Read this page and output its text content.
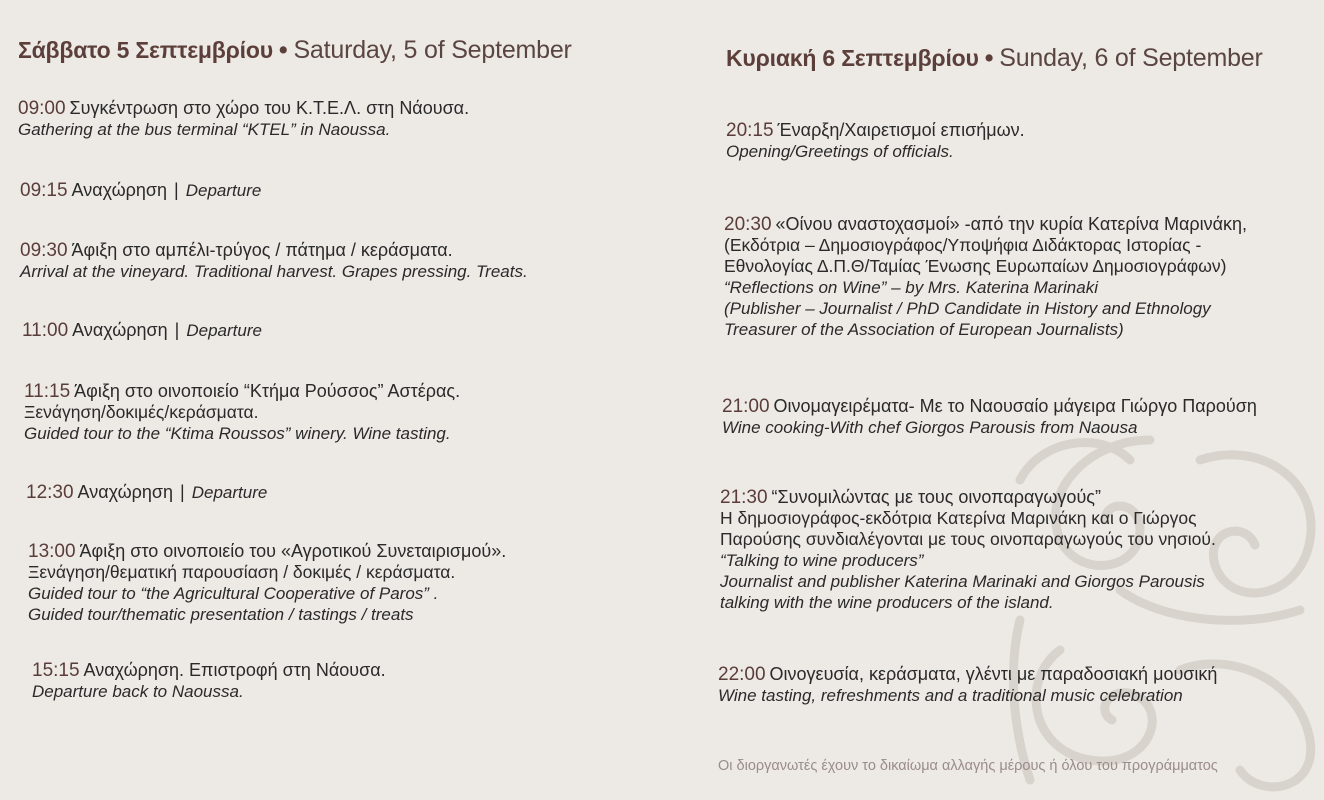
Σάββατο 5 Σεπτεμβρίου • Saturday, 5 of September
09:00 Συγκέντρωση στο χώρο του Κ.Τ.Ε.Λ. στη Νάουσα.
Gathering at the bus terminal “KTEL” in Naoussa.
09:15 Αναχώρηση | Departure
09:30 Άφιξη στο αμπέλι-τρύγος / πάτημα / κεράσματα.
Arrival at the vineyard. Traditional harvest. Grapes pressing. Treats.
11:00 Αναχώρηση | Departure
11:15 Άφιξη στο οινοποιείο “Κτήμα Ρούσσος” Αστέρας.
Ξενάγηση/δοκιμές/κεράσματα.
Guided tour to the “Ktima Roussos” winery. Wine tasting.
12:30 Αναχώρηση | Departure
13:00 Άφιξη στο οινοποιείο του «Αγροτικού Συνεταιρισμού».
Ξενάγηση/θεματική παρουσίαση / δοκιμές / κεράσματα.
Guided tour to “the Agricultural Cooperative of Paros” .
Guided tour/thematic presentation / tastings / treats
15:15 Αναχώρηση. Επιστροφή στη Νάουσα.
Departure back to Naoussa.
Κυριακή 6 Σεπτεμβρίου • Sunday, 6 of September
20:15 Έναρξη/Χαιρετισμοί επισήμων.
Opening/Greetings of officials.
20:30 «Οίνου αναστοχασμοί» -από την κυρία Κατερίνα Μαρινάκη,
(Εκδότρια – Δημοσιογράφος/Υποψήφια Διδάκτορας Ιστορίας -
Εθνολογίας Δ.Π.Θ/Ταμίας Ένωσης Ευρωπαίων Δημοσιογράφων)
“Reflections on Wine” – by Mrs. Katerina Marinaki
(Publisher – Journalist / PhD Candidate in History and Ethnology
Treasurer of the Association of European Journalists)
21:00 Οινομαγειρέματα- Με το Ναουσαίο μάγειρα Γιώργο Παρούση
Wine cooking-With chef Giorgos Parousis from Naousa
21:30 “Συνομιλώντας με τους οινοπαραγωγούς”
Η δημοσιογράφος-εκδότρια Κατερίνα Μαρινάκη και ο Γιώργος
Παρούσης συνδιαλέγονται με τους οινοπαραγωγούς του νησιού.
“Talking to wine producers”
Journalist and publisher Katerina Marinaki and Giorgos Parousis
talking with the wine producers of the island.
22:00 Οινογευσία, κεράσματα, γλέντι με παραδοσιακή μουσική
Wine tasting, refreshments and a traditional music celebration
Οι διοργανωτές έχουν το δικαίωμα αλλαγής μέρους ή όλου του προγράμματος
